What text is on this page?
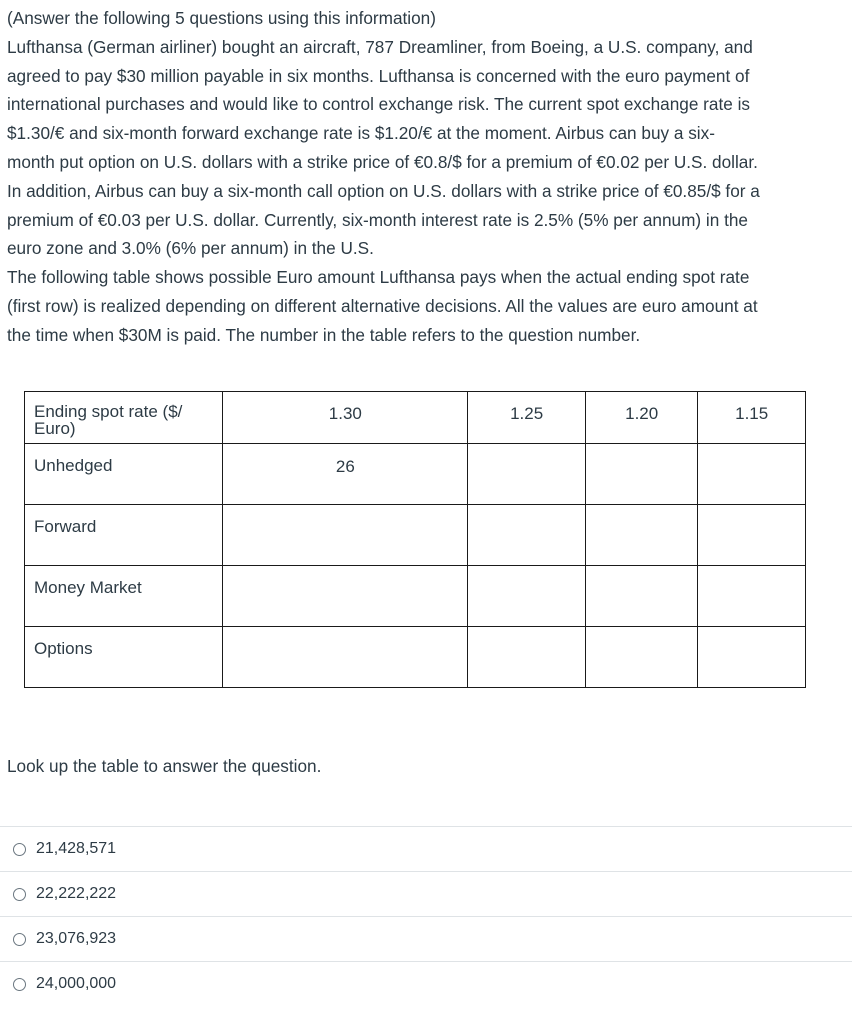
(Answer the following 5 questions using this information)

Lufthansa (German airliner) bought an aircraft, 787 Dreamliner, from Boeing, a U.S. company, and

agreed to pay $30 million payable in six months. Lufthansa is concerned with the euro payment of

international purchases and would like to control exchange risk. The current spot exchange rate is

$1.30/€ and six-month forward exchange rate is $1.20/€ at the moment. Airbus can buy a six-

month put option on U.S. dollars with a strike price of €0.8/$ for a premium of €0.02 per U.S. dollar.

In addition, Airbus can buy a six-month call option on U.S. dollars with a strike price of €0.85/$ for a

premium of €0.03 per U.S. dollar. Currently, six-month interest rate is 2.5% (5% per annum) in the

euro zone and 3.0% (6% per annum) in the U.S.

The following table shows possible Euro amount Lufthansa pays when the actual ending spot rate

(first row) is realized depending on different alternative decisions. All the values are euro amount at

the time when $30M is paid. The number in the table refers to the question number.

Ending spot rate ($/
Euro)	1.30	1.25	1.20	1.15
Unhedged	26			
Forward				
Money Market				
Options				
Look up the table to answer the question.
21,428,571
22,222,222
23,076,923
24,000,000
